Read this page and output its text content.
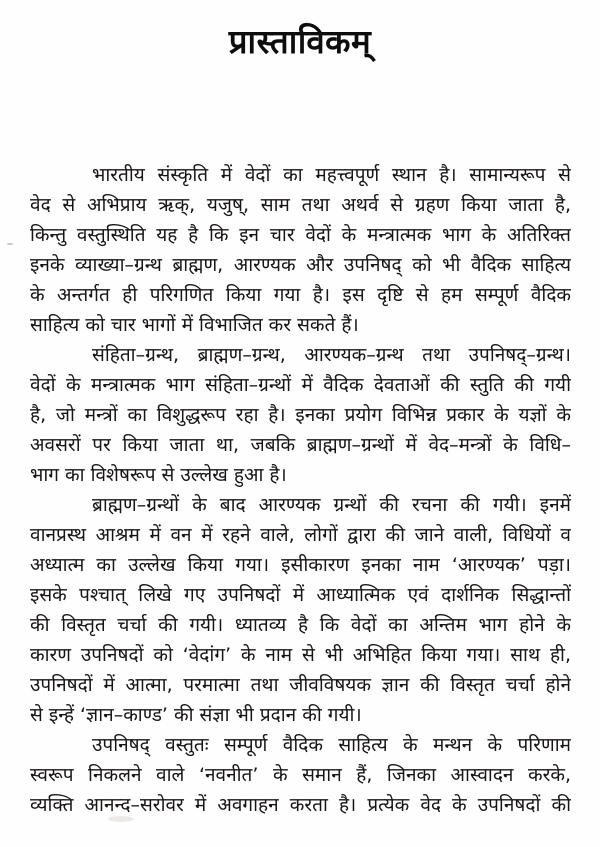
प्रास्ताविकम्
भारतीय संस्कृति में वेदों का महत्त्वपूर्ण स्थान है। सामान्यरूप से
वेद से अभिप्राय ऋक्, यजुष्, साम तथा अथर्व से ग्रहण किया जाता है,
किन्तु वस्तुस्थिति यह है कि इन चार वेदों के मन्त्रात्मक भाग के अतिरिक्त
इनके व्याख्या–ग्रन्थ ब्राह्मण, आरण्यक और उपनिषद् को भी वैदिक साहित्य
के अन्तर्गत ही परिगणित किया गया है। इस दृष्टि से हम सम्पूर्ण वैदिक
साहित्य को चार भागों में विभाजित कर सकते हैं।
संहिता–ग्रन्थ, ब्राह्मण–ग्रन्थ, आरण्यक–ग्रन्थ तथा उपनिषद्–ग्रन्थ।
वेदों के मन्त्रात्मक भाग संहिता–ग्रन्थों में वैदिक देवताओं की स्तुति की गयी
है, जो मन्त्रों का विशुद्धरूप रहा है। इनका प्रयोग विभिन्न प्रकार के यज्ञों के
अवसरों पर किया जाता था, जबकि ब्राह्मण–ग्रन्थों में वेद–मन्त्रों के विधि–
भाग का विशेषरूप से उल्लेख हुआ है।
ब्राह्मण–ग्रन्थों के बाद आरण्यक ग्रन्थों की रचना की गयी। इनमें
वानप्रस्थ आश्रम में वन में रहने वाले, लोगों द्वारा की जाने वाली, विधियों व
अध्यात्म का उल्लेख किया गया। इसीकारण इनका नाम ‘आरण्यक’ पड़ा।
इसके पश्चात् लिखे गए उपनिषदों में आध्यात्मिक एवं दार्शनिक सिद्धान्तों
की विस्तृत चर्चा की गयी। ध्यातव्य है कि वेदों का अन्तिम भाग होने के
कारण उपनिषदों को ‘वेदांग’ के नाम से भी अभिहित किया गया। साथ ही,
उपनिषदों में आत्मा, परमात्मा तथा जीवविषयक ज्ञान की विस्तृत चर्चा होने
से इन्हें ‘ज्ञान–काण्ड’ की संज्ञा भी प्रदान की गयी।
उपनिषद् वस्तुतः सम्पूर्ण वैदिक साहित्य के मन्थन के परिणाम
स्वरूप निकलने वाले ‘नवनीत’ के समान हैं, जिनका आस्वादन करके,
व्यक्ति आनन्द–सरोवर में अवगाहन करता है। प्रत्येक वेद के उपनिषदों की
